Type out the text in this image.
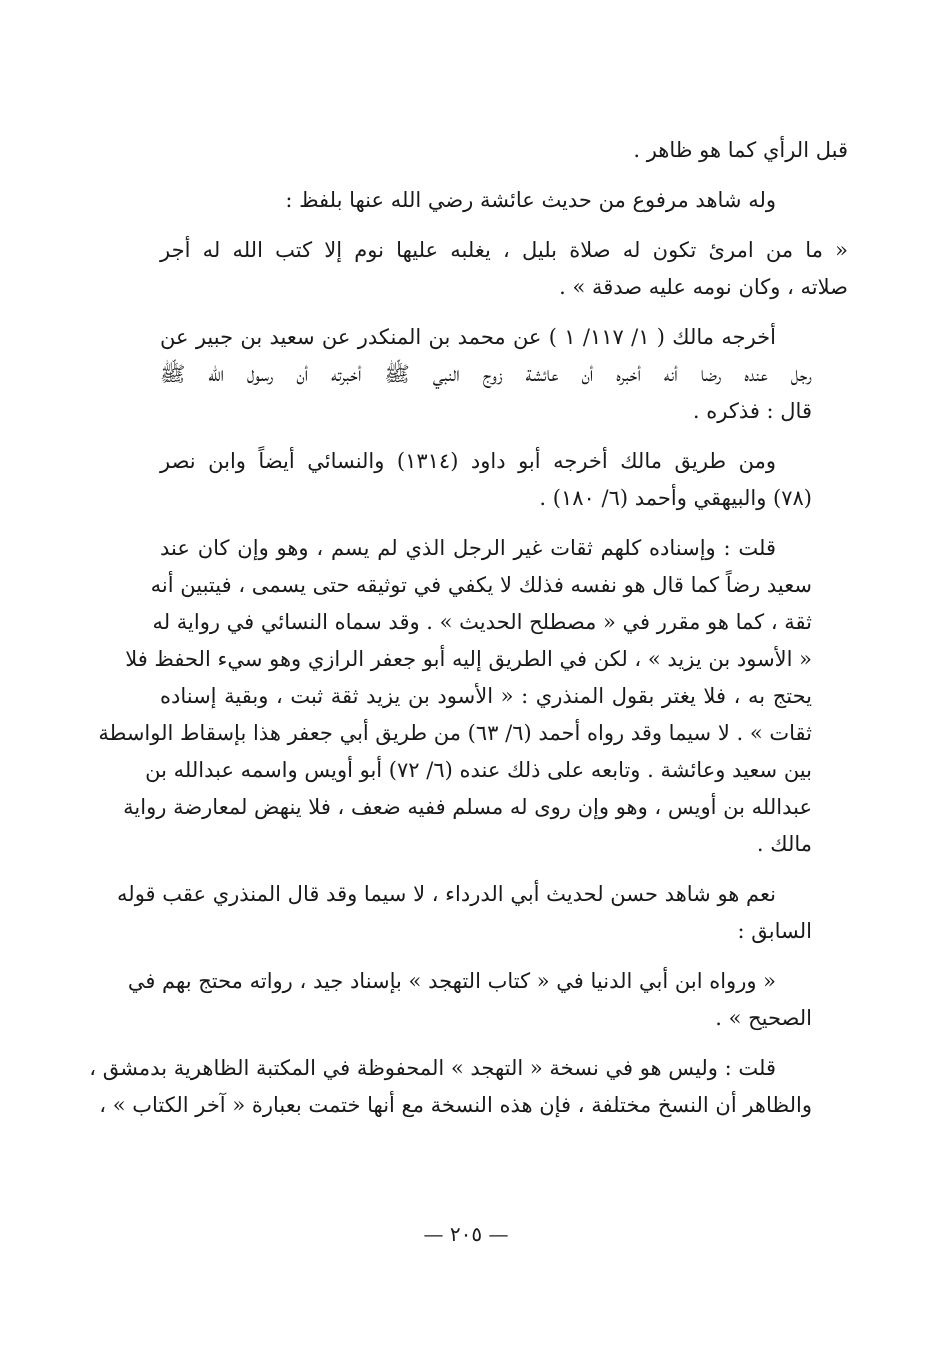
قبل الرأي كما هو ظاهر .
وله شاهد مرفوع من حديث عائشة رضي الله عنها بلفظ :
« ما من امرئ تكون له صلاة بليل ، يغلبه عليها نوم إلا كتب الله له أجر
صلاته ، وكان نومه عليه صدقة » .
أخرجه مالك ( ١/ ١١٧/ ١ ) عن محمد بن المنكدر عن سعيد بن جبير عن
رجل عنده رضا أنه أخبره أن عائشة زوج النبي ﷺ أخبرته أن رسول الله ﷺ
قال : فذكره .
ومن طريق مالك أخرجه أبو داود (١٣١٤) والنسائي أيضاً وابن نصر
(٧٨) والبيهقي وأحمد (٦/ ١٨٠) .
قلت : وإسناده كلهم ثقات غير الرجل الذي لم يسم ، وهو وإن كان عند
سعيد رضاً كما قال هو نفسه فذلك لا يكفي في توثيقه حتى يسمى ، فيتبين أنه
ثقة ، كما هو مقرر في « مصطلح الحديث » . وقد سماه النسائي في رواية له
« الأسود بن يزيد » ، لكن في الطريق إليه أبو جعفر الرازي وهو سيء الحفظ فلا
يحتج به ، فلا يغتر بقول المنذري : « الأسود بن يزيد ثقة ثبت ، وبقية إسناده
ثقات » . لا سيما وقد رواه أحمد (٦/ ٦٣) من طريق أبي جعفر هذا بإسقاط الواسطة
بين سعيد وعائشة . وتابعه على ذلك عنده (٦/ ٧٢) أبو أويس واسمه عبدالله بن
عبدالله بن أويس ، وهو وإن روى له مسلم ففيه ضعف ، فلا ينهض لمعارضة رواية
مالك .
نعم هو شاهد حسن لحديث أبي الدرداء ، لا سيما وقد قال المنذري عقب قوله
السابق :
« ورواه ابن أبي الدنيا في « كتاب التهجد » بإسناد جيد ، رواته محتج بهم في
الصحيح » .
قلت : وليس هو في نسخة « التهجد » المحفوظة في المكتبة الظاهرية بدمشق ،
والظاهر أن النسخ مختلفة ، فإن هذه النسخة مع أنها ختمت بعبارة « آخر الكتاب » ،
— ٢٠٥ —
